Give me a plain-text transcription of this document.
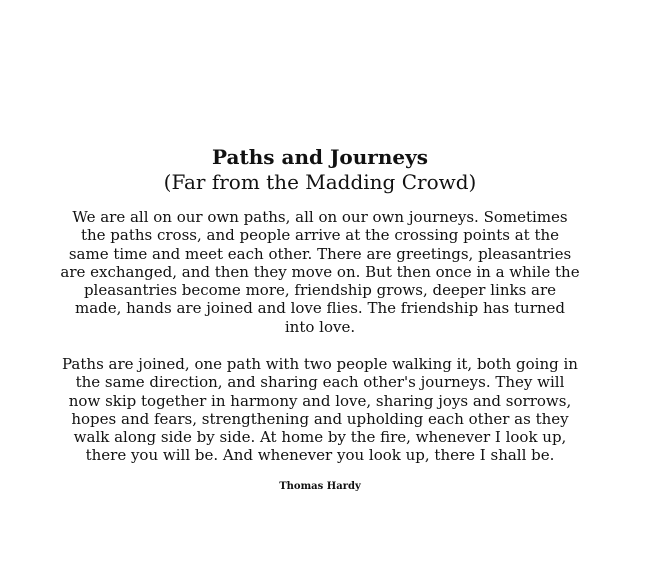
Paths and Journeys
(Far from the Madding Crowd)

We are all on our own paths, all on our own journeys. Sometimes
the paths cross, and people arrive at the crossing points at the
same time and meet each other. There are greetings, pleasantries
are exchanged, and then they move on. But then once in a while the
pleasantries become more, friendship grows, deeper links are
made, hands are joined and love flies. The friendship has turned
into love.

Paths are joined, one path with two people walking it, both going in
the same direction, and sharing each other's journeys. They will
now skip together in harmony and love, sharing joys and sorrows,
hopes and fears, strengthening and upholding each other as they
walk along side by side. At home by the fire, whenever I look up,
there you will be. And whenever you look up, there I shall be.

Thomas Hardy
